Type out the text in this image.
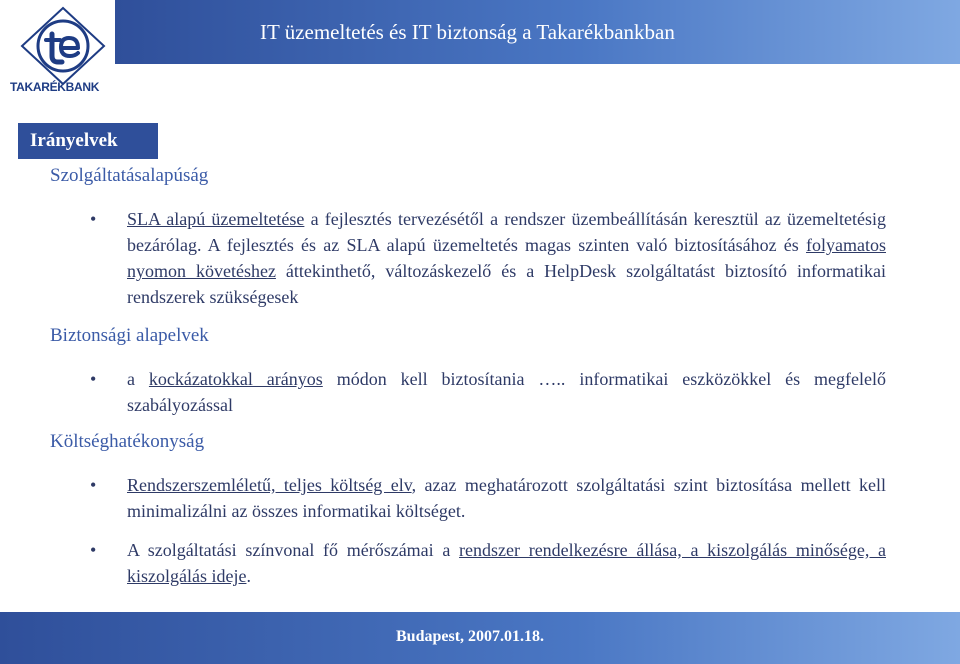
IT üzemeltetés és IT biztonság a Takarékbankban
TAKARÉKBANK
Irányelvek
Szolgáltatásalapúság
•	SLA alapú üzemeltetése a fejlesztés tervezésétől a rendszer üzembeállításán keresztül az üzemeltetésig bezárólag. A fejlesztés és az SLA alapú üzemeltetés magas szinten való biztosításához és folyamatos nyomon követéshez áttekinthető, változáskezelő és a HelpDesk szolgáltatást biztosító informatikai rendszerek szükségesek
Biztonsági alapelvek
•	a kockázatokkal arányos módon kell biztosítania ….. informatikai eszközökkel és megfelelő szabályozással
Költséghatékonyság
•	Rendszerszemléletű, teljes költség elv, azaz meghatározott szolgáltatási szint biztosítása mellett kell minimalizálni az összes informatikai költséget.
•	A szolgáltatási színvonal fő mérőszámai a rendszer rendelkezésre állása, a kiszolgálás minősége, a kiszolgálás ideje.
Budapest, 2007.01.18.
